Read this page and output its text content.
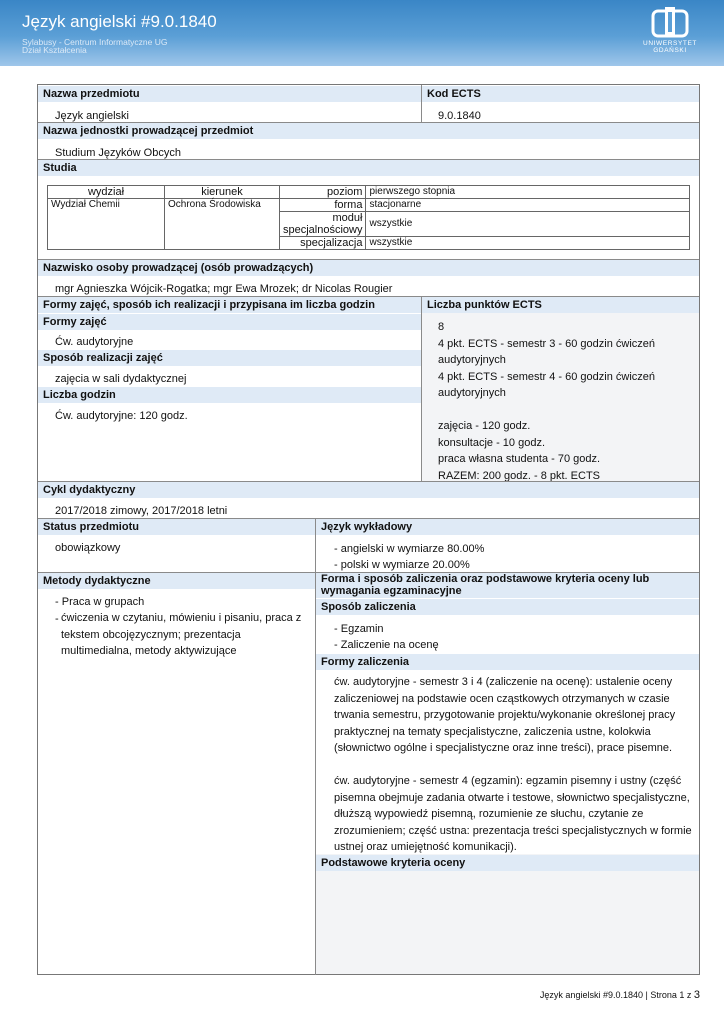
Język angielski #9.0.1840
Sylabusy - Centrum Informatyczne UG
Dział Kształcenia
UNIWERSYTET GDAŃSKI
Nazwa przedmiotu	Kod ECTS
Język angielski	9.0.1840
Nazwa jednostki prowadzącej przedmiot
Studium Języków Obcych
Studia
wydział	kierunek	poziom	pierwszego stopnia
Wydział Chemii	Ochrona Środowiska	forma	stacjonarne
		moduł specjalnościowy	wszystkie
		specjalizacja	wszystkie
Nazwisko osoby prowadzącej (osób prowadzących)
mgr Agnieszka Wójcik-Rogatka; mgr Ewa Mrozek; dr Nicolas Rougier
Formy zajęć, sposób ich realizacji i przypisana im liczba godzin	Liczba punktów ECTS
Formy zajęć
Ćw. audytoryjne
Sposób realizacji zajęć
zajęcia w sali dydaktycznej
Liczba godzin
Ćw. audytoryjne: 120 godz.
8
4 pkt. ECTS - semestr 3 - 60 godzin ćwiczeń
audytoryjnych
4 pkt. ECTS - semestr 4 - 60 godzin ćwiczeń
audytoryjnych
zajęcia - 120 godz.
konsultacje - 10 godz.
praca własna studenta - 70 godz.
RAZEM: 200 godz. - 8 pkt. ECTS
Cykl dydaktyczny
2017/2018 zimowy, 2017/2018 letni
Status przedmiotu	Język wykładowy
obowiązkowy	- angielski w wymiarze 80.00%
- polski w wymiarze 20.00%
Metody dydaktyczne	Forma i sposób zaliczenia oraz podstawowe kryteria oceny lub wymagania egzaminacyjne
- Praca w grupach
- ćwiczenia w czytaniu, mówieniu i pisaniu, praca z
tekstem obcojęzycznym; prezentacja
multimedialna, metody aktywizujące
Sposób zaliczenia
- Egzamin
- Zaliczenie na ocenę
Formy zaliczenia
ćw. audytoryjne - semestr 3 i 4 (zaliczenie na ocenę): ustalenie oceny
zaliczeniowej na podstawie ocen cząstkowych otrzymanych w czasie
trwania semestru, przygotowanie projektu/wykonanie określonej pracy
praktycznej na tematy specjalistyczne, zaliczenia ustne, kolokwia
(słownictwo ogólne i specjalistyczne oraz inne treści), prace pisemne.
ćw. audytoryjne - semestr 4 (egzamin): egzamin pisemny i ustny (część
pisemna obejmuje zadania otwarte i testowe, słownictwo specjalistyczne,
dłuższą wypowiedź pisemną, rozumienie ze słuchu, czytanie ze
zrozumieniem; część ustna: prezentacja treści specjalistycznych w formie
ustnej oraz umiejętność komunikacji).
Podstawowe kryteria oceny
Język angielski #9.0.1840 | Strona 1 z 3
